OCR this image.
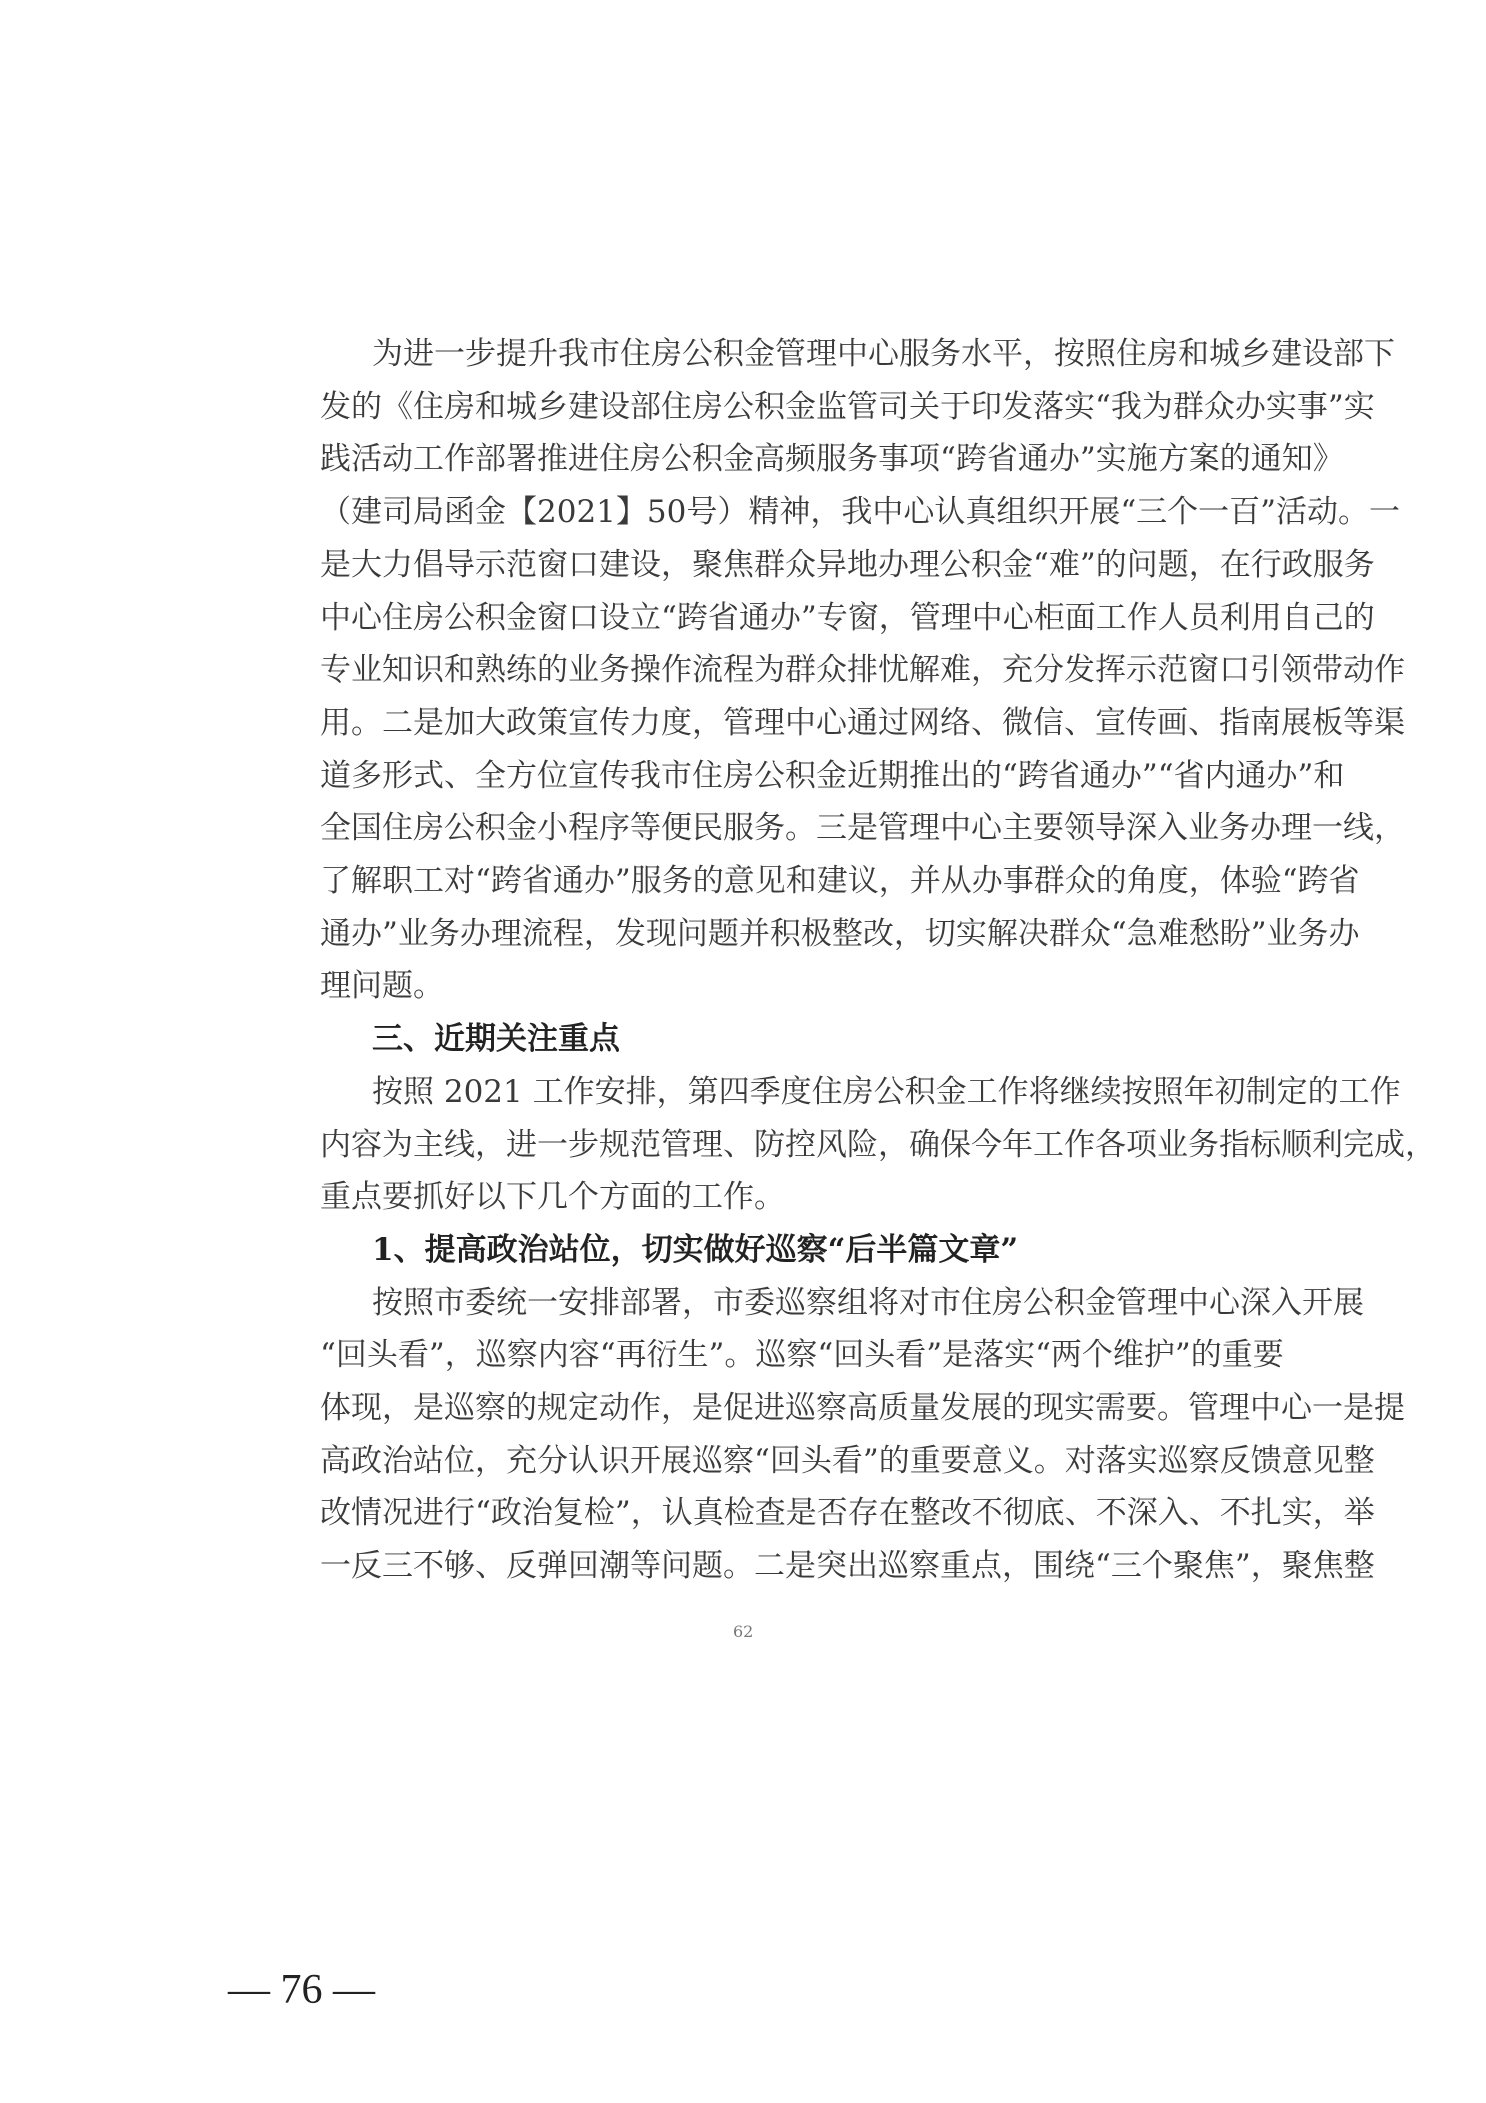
为进一步提升我市住房公积金管理中心服务水平，按照住房和城乡建设部下
发的《住房和城乡建设部住房公积金监管司关于印发落实“我为群众办实事”实
践活动工作部署推进住房公积金高频服务事项“跨省通办”实施方案的通知》
（建司局函金【2021】50号）精神，我中心认真组织开展“三个一百”活动。一
是大力倡导示范窗口建设，聚焦群众异地办理公积金“难”的问题，在行政服务
中心住房公积金窗口设立“跨省通办”专窗，管理中心柜面工作人员利用自己的
专业知识和熟练的业务操作流程为群众排忧解难，充分发挥示范窗口引领带动作
用。二是加大政策宣传力度，管理中心通过网络、微信、宣传画、指南展板等渠
道多形式、全方位宣传我市住房公积金近期推出的“跨省通办”“省内通办”和
全国住房公积金小程序等便民服务。三是管理中心主要领导深入业务办理一线，
了解职工对“跨省通办”服务的意见和建议，并从办事群众的角度，体验“跨省
通办”业务办理流程，发现问题并积极整改，切实解决群众“急难愁盼”业务办
理问题。
三、近期关注重点
按照 2021 工作安排，第四季度住房公积金工作将继续按照年初制定的工作
内容为主线，进一步规范管理、防控风险，确保今年工作各项业务指标顺利完成，
重点要抓好以下几个方面的工作。
1、提高政治站位，切实做好巡察“后半篇文章”
按照市委统一安排部署，市委巡察组将对市住房公积金管理中心深入开展
“回头看”，巡察内容“再衍生”。巡察“回头看”是落实“两个维护”的重要
体现，是巡察的规定动作，是促进巡察高质量发展的现实需要。管理中心一是提
高政治站位，充分认识开展巡察“回头看”的重要意义。对落实巡察反馈意见整
改情况进行“政治复检”，认真检查是否存在整改不彻底、不深入、不扎实，举
一反三不够、反弹回潮等问题。二是突出巡察重点，围绕“三个聚焦”，聚焦整
62
— 76 —
